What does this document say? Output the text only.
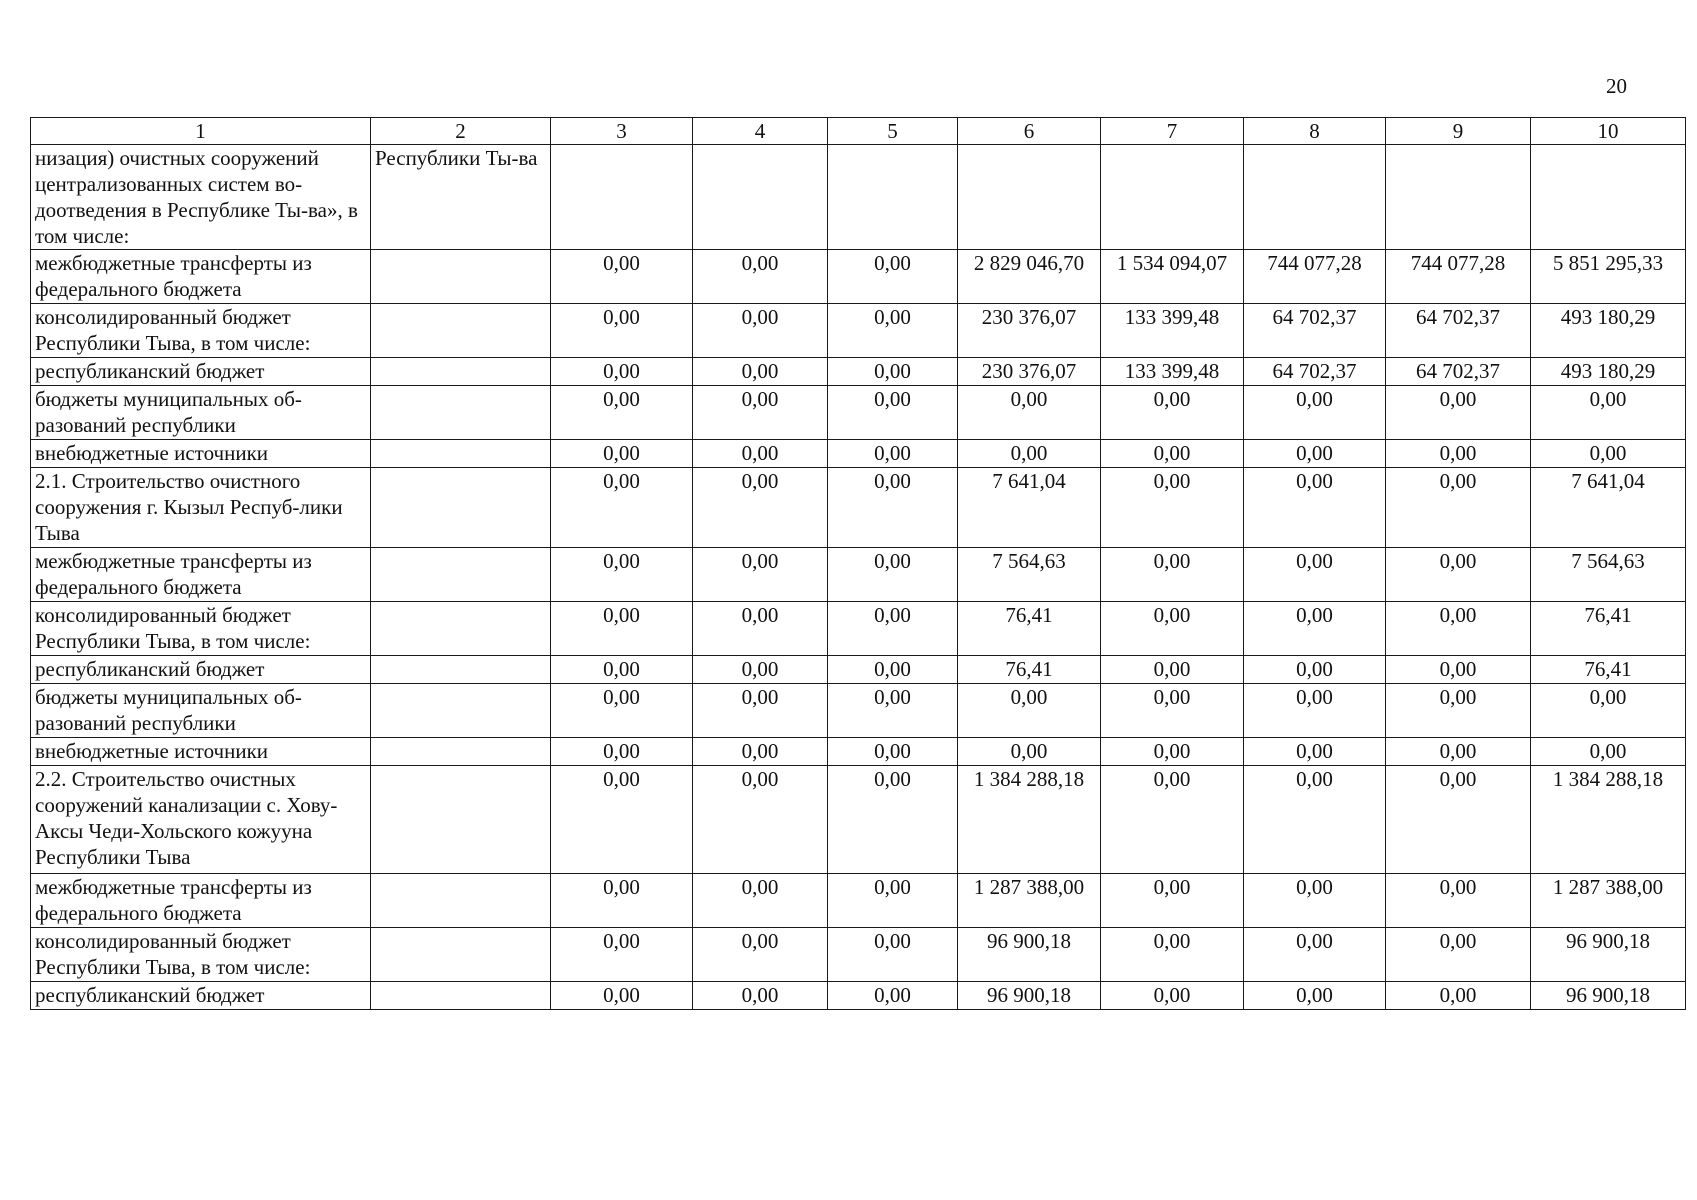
20
1	2	3	4	5	6	7	8	9	10
низация) очистных сооружений централизованных систем во-доотведения в Республике Ты-ва», в том числе:	Республики Ты-ва								
межбюджетные трансферты из федерального бюджета		0,00	0,00	0,00	2 829 046,70	1 534 094,07	744 077,28	744 077,28	5 851 295,33
консолидированный бюджет Республики Тыва, в том числе:		0,00	0,00	0,00	230 376,07	133 399,48	64 702,37	64 702,37	493 180,29
республиканский бюджет		0,00	0,00	0,00	230 376,07	133 399,48	64 702,37	64 702,37	493 180,29
бюджеты муниципальных об-разований республики		0,00	0,00	0,00	0,00	0,00	0,00	0,00	0,00
внебюджетные источники		0,00	0,00	0,00	0,00	0,00	0,00	0,00	0,00
2.1. Строительство очистного сооружения г. Кызыл Респуб-лики Тыва		0,00	0,00	0,00	7 641,04	0,00	0,00	0,00	7 641,04
межбюджетные трансферты из федерального бюджета		0,00	0,00	0,00	7 564,63	0,00	0,00	0,00	7 564,63
консолидированный бюджет Республики Тыва, в том числе:		0,00	0,00	0,00	76,41	0,00	0,00	0,00	76,41
республиканский бюджет		0,00	0,00	0,00	76,41	0,00	0,00	0,00	76,41
бюджеты муниципальных об-разований республики		0,00	0,00	0,00	0,00	0,00	0,00	0,00	0,00
внебюджетные источники		0,00	0,00	0,00	0,00	0,00	0,00	0,00	0,00
2.2. Строительство очистных сооружений канализации с. Хову-Аксы Чеди-Хольского кожууна Республики Тыва		0,00	0,00	0,00	1 384 288,18	0,00	0,00	0,00	1 384 288,18
межбюджетные трансферты из федерального бюджета		0,00	0,00	0,00	1 287 388,00	0,00	0,00	0,00	1 287 388,00
консолидированный бюджет Республики Тыва, в том числе:		0,00	0,00	0,00	96 900,18	0,00	0,00	0,00	96 900,18
республиканский бюджет		0,00	0,00	0,00	96 900,18	0,00	0,00	0,00	96 900,18
